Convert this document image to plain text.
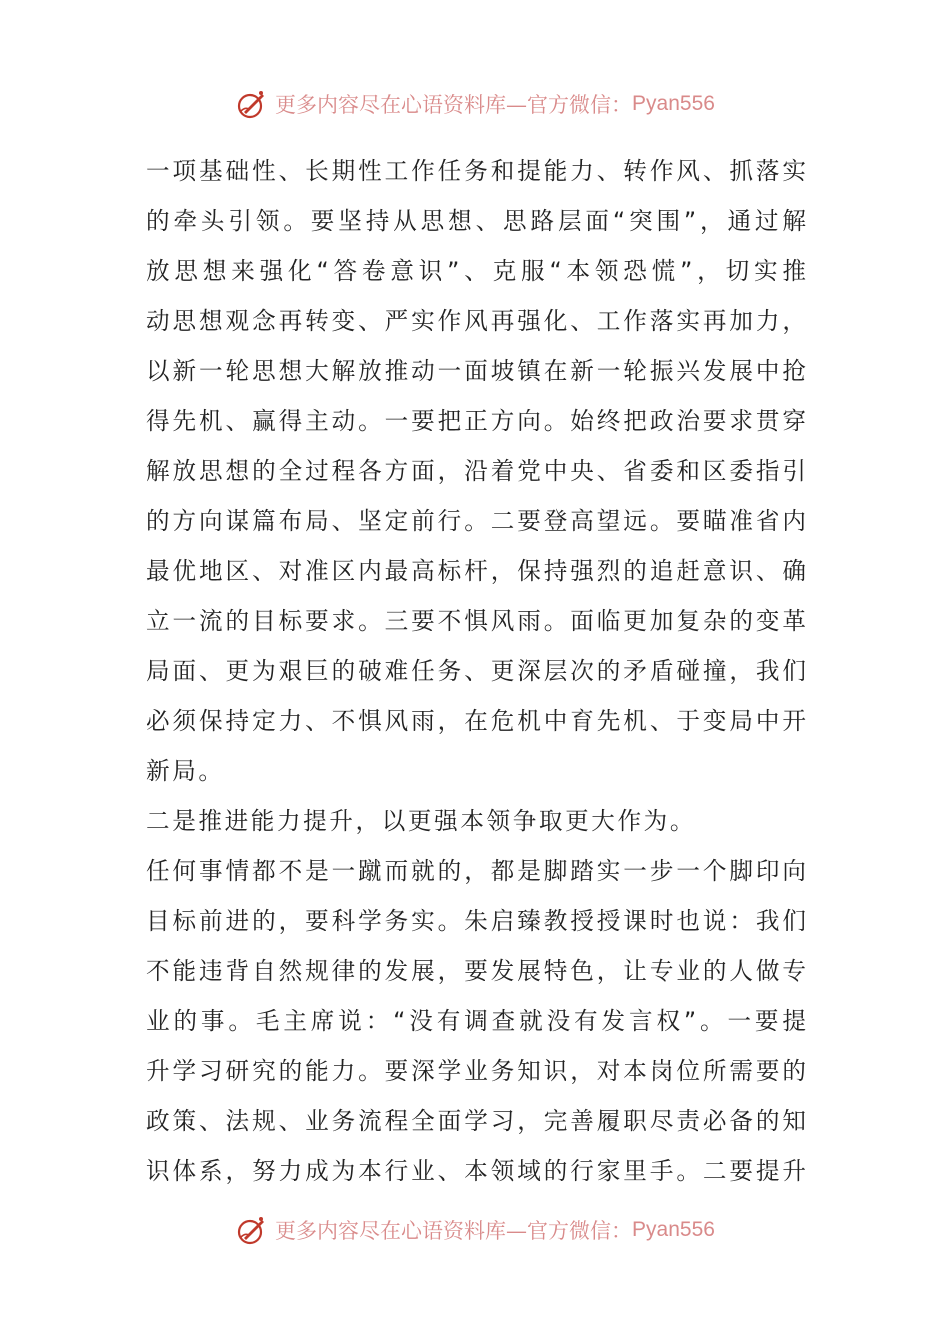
更多内容尽在心语资料库—官方微信： Pyan556
一项基础性、长期性工作任务和提能力、转作风、抓落实
的牵头引领。要坚持从思想、思路层面“突围”，通过解
放思想来强化“答卷意识”、克服“本领恐慌”，切实推
动思想观念再转变、严实作风再强化、工作落实再加力，
以新一轮思想大解放推动一面坡镇在新一轮振兴发展中抢
得先机、赢得主动。一要把正方向。始终把政治要求贯穿
解放思想的全过程各方面，沿着党中央、省委和区委指引
的方向谋篇布局、坚定前行。二要登高望远。要瞄准省内
最优地区、对准区内最高标杆，保持强烈的追赶意识、确
立一流的目标要求。三要不惧风雨。面临更加复杂的变革
局面、更为艰巨的破难任务、更深层次的矛盾碰撞，我们
必须保持定力、不惧风雨，在危机中育先机、于变局中开
新局。
二是推进能力提升，以更强本领争取更大作为。
任何事情都不是一蹴而就的，都是脚踏实一步一个脚印向
目标前进的，要科学务实。朱启臻教授授课时也说：我们
不能违背自然规律的发展，要发展特色，让专业的人做专
业的事。毛主席说：“没有调查就没有发言权”。一要提
升学习研究的能力。要深学业务知识，对本岗位所需要的
政策、法规、业务流程全面学习，完善履职尽责必备的知
识体系，努力成为本行业、本领域的行家里手。二要提升
更多内容尽在心语资料库—官方微信： Pyan556
